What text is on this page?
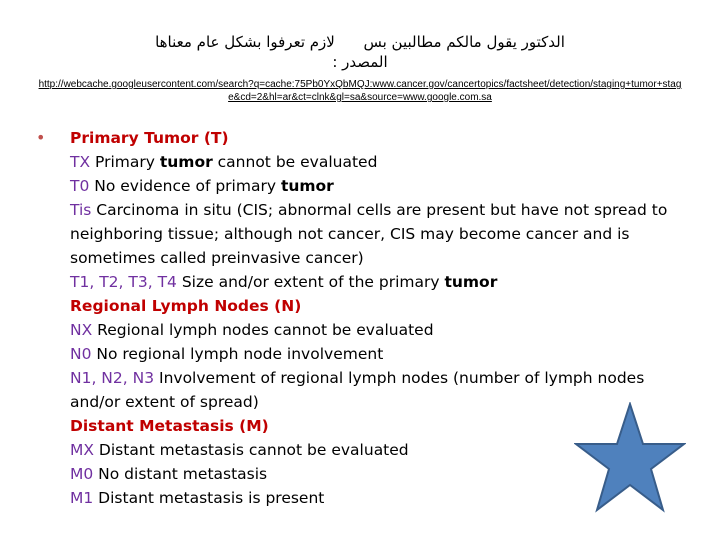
الدكتور يقول مالكم مطالبين بس      لازم تعرفوا بشكل عام معناها
المصدر :
http://webcache.googleusercontent.com/search?q=cache:75Pb0YxQbMQJ:www.cancer.gov/cancertopics/factsheet/detection/staging+tumor+stage&cd=2&hl=ar&ct=clnk&gl=sa&source=www.google.com.sa
• Primary Tumor (T)
TX Primary tumor cannot be evaluated
T0 No evidence of primary tumor
Tis Carcinoma in situ (CIS; abnormal cells are present but have not spread to neighboring tissue; although not cancer, CIS may become cancer and is sometimes called preinvasive cancer)
T1, T2, T3, T4 Size and/or extent of the primary tumor
Regional Lymph Nodes (N)
NX Regional lymph nodes cannot be evaluated
N0 No regional lymph node involvement
N1, N2, N3 Involvement of regional lymph nodes (number of lymph nodes and/or extent of spread)
Distant Metastasis (M)
MX Distant metastasis cannot be evaluated
M0 No distant metastasis
M1 Distant metastasis is present
